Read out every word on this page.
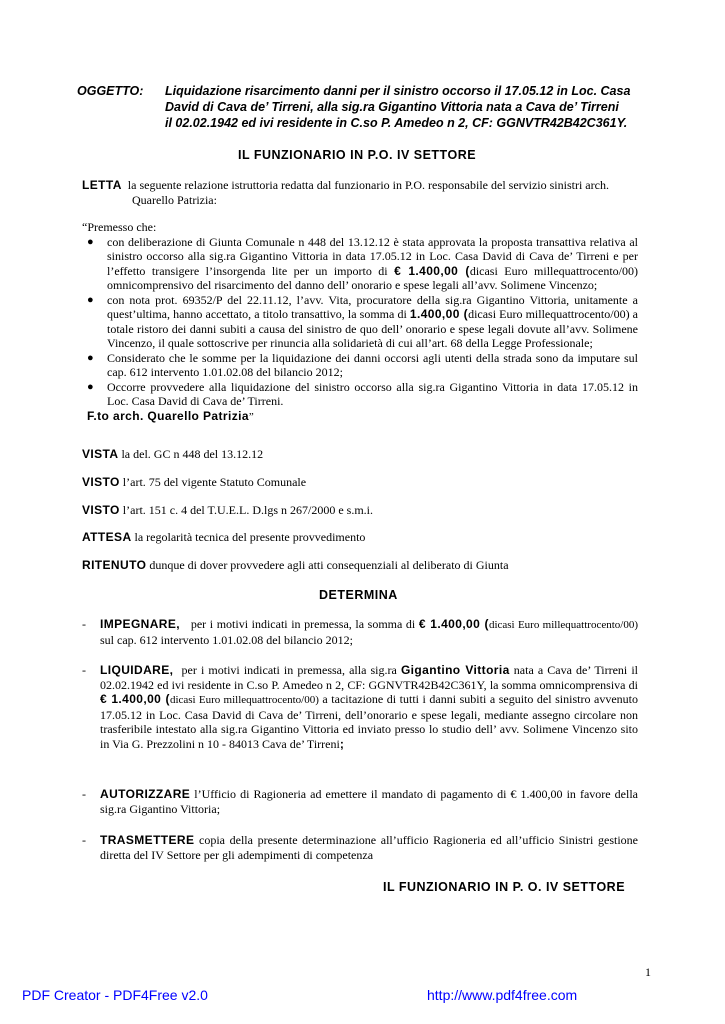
OGGETTO: Liquidazione risarcimento danni per il sinistro occorso il 17.05.12 in Loc. Casa
David di Cava de’ Tirreni, alla sig.ra Gigantino Vittoria nata a Cava de’ Tirreni
il 02.02.1942 ed ivi residente in C.so P. Amedeo n 2, CF: GGNVTR42B42C361Y.
IL FUNZIONARIO IN P.O. IV SETTORE
LETTA la seguente relazione istruttoria redatta dal funzionario in P.O. responsabile del servizio sinistri arch. Quarello Patrizia:
“Premesso che:
● con deliberazione di Giunta Comunale n 448 del 13.12.12 è stata approvata la proposta transattiva relativa al sinistro occorso alla sig.ra Gigantino Vittoria in data 17.05.12 in Loc. Casa David di Cava de’ Tirreni e per l’effetto transigere l’insorgenda lite per un importo di € 1.400,00 (dicasi Euro millequattrocento/00) omnicomprensivo del risarcimento del danno dell’ onorario e spese legali all’avv. Solimene Vincenzo;
● con nota prot. 69352/P del 22.11.12, l’avv. Vita, procuratore della sig.ra Gigantino Vittoria, unitamente a quest’ultima, hanno accettato, a titolo transattivo, la somma di 1.400,00 (dicasi Euro millequattrocento/00) a totale ristoro dei danni subiti a causa del sinistro de quo dell’ onorario e spese legali dovute all’avv. Solimene Vincenzo, il quale sottoscrive per rinuncia alla solidarietà di cui all’art. 68 della Legge Professionale;
● Considerato che le somme per la liquidazione dei danni occorsi agli utenti della strada sono da imputare sul cap. 612 intervento 1.01.02.08 del bilancio 2012;
● Occorre provvedere alla liquidazione del sinistro occorso alla sig.ra Gigantino Vittoria in data 17.05.12 in Loc. Casa David di Cava de’ Tirreni.
F.to arch. Quarello Patrizia”
VISTA la del. GC n 448 del 13.12.12
VISTO l’art. 75 del vigente Statuto Comunale
VISTO l’art. 151 c. 4 del T.U.E.L. D.lgs n 267/2000 e s.m.i.
ATTESA la regolarità tecnica del presente provvedimento
RITENUTO dunque di dover provvedere agli atti consequenziali al deliberato di Giunta
DETERMINA
-	IMPEGNARE, per i motivi indicati in premessa, la somma di € 1.400,00 (dicasi Euro millequattrocento/00) sul cap. 612 intervento 1.01.02.08 del bilancio 2012;
-	LIQUIDARE, per i motivi indicati in premessa, alla sig.ra Gigantino Vittoria nata a Cava de’ Tirreni il 02.02.1942 ed ivi residente in C.so P. Amedeo n 2, CF: GGNVTR42B42C361Y, la somma omnicomprensiva di € 1.400,00 (dicasi Euro millequattrocento/00) a tacitazione di tutti i danni subiti a seguito del sinistro avvenuto 17.05.12 in Loc. Casa David di Cava de’ Tirreni, dell’onorario e spese legali, mediante assegno circolare non trasferibile intestato alla sig.ra Gigantino Vittoria ed inviato presso lo studio dell’ avv. Solimene Vincenzo sito in Via G. Prezzolini n 10 - 84013 Cava de’ Tirreni;
-	AUTORIZZARE l’Ufficio di Ragioneria ad emettere il mandato di pagamento di € 1.400,00 in favore della sig.ra Gigantino Vittoria;
-	TRASMETTERE copia della presente determinazione all’ufficio Ragioneria ed all’ufficio Sinistri gestione diretta del IV Settore per gli adempimenti di competenza
IL FUNZIONARIO IN P. O. IV SETTORE
1
PDF Creator - PDF4Free v2.0	http://www.pdf4free.com
